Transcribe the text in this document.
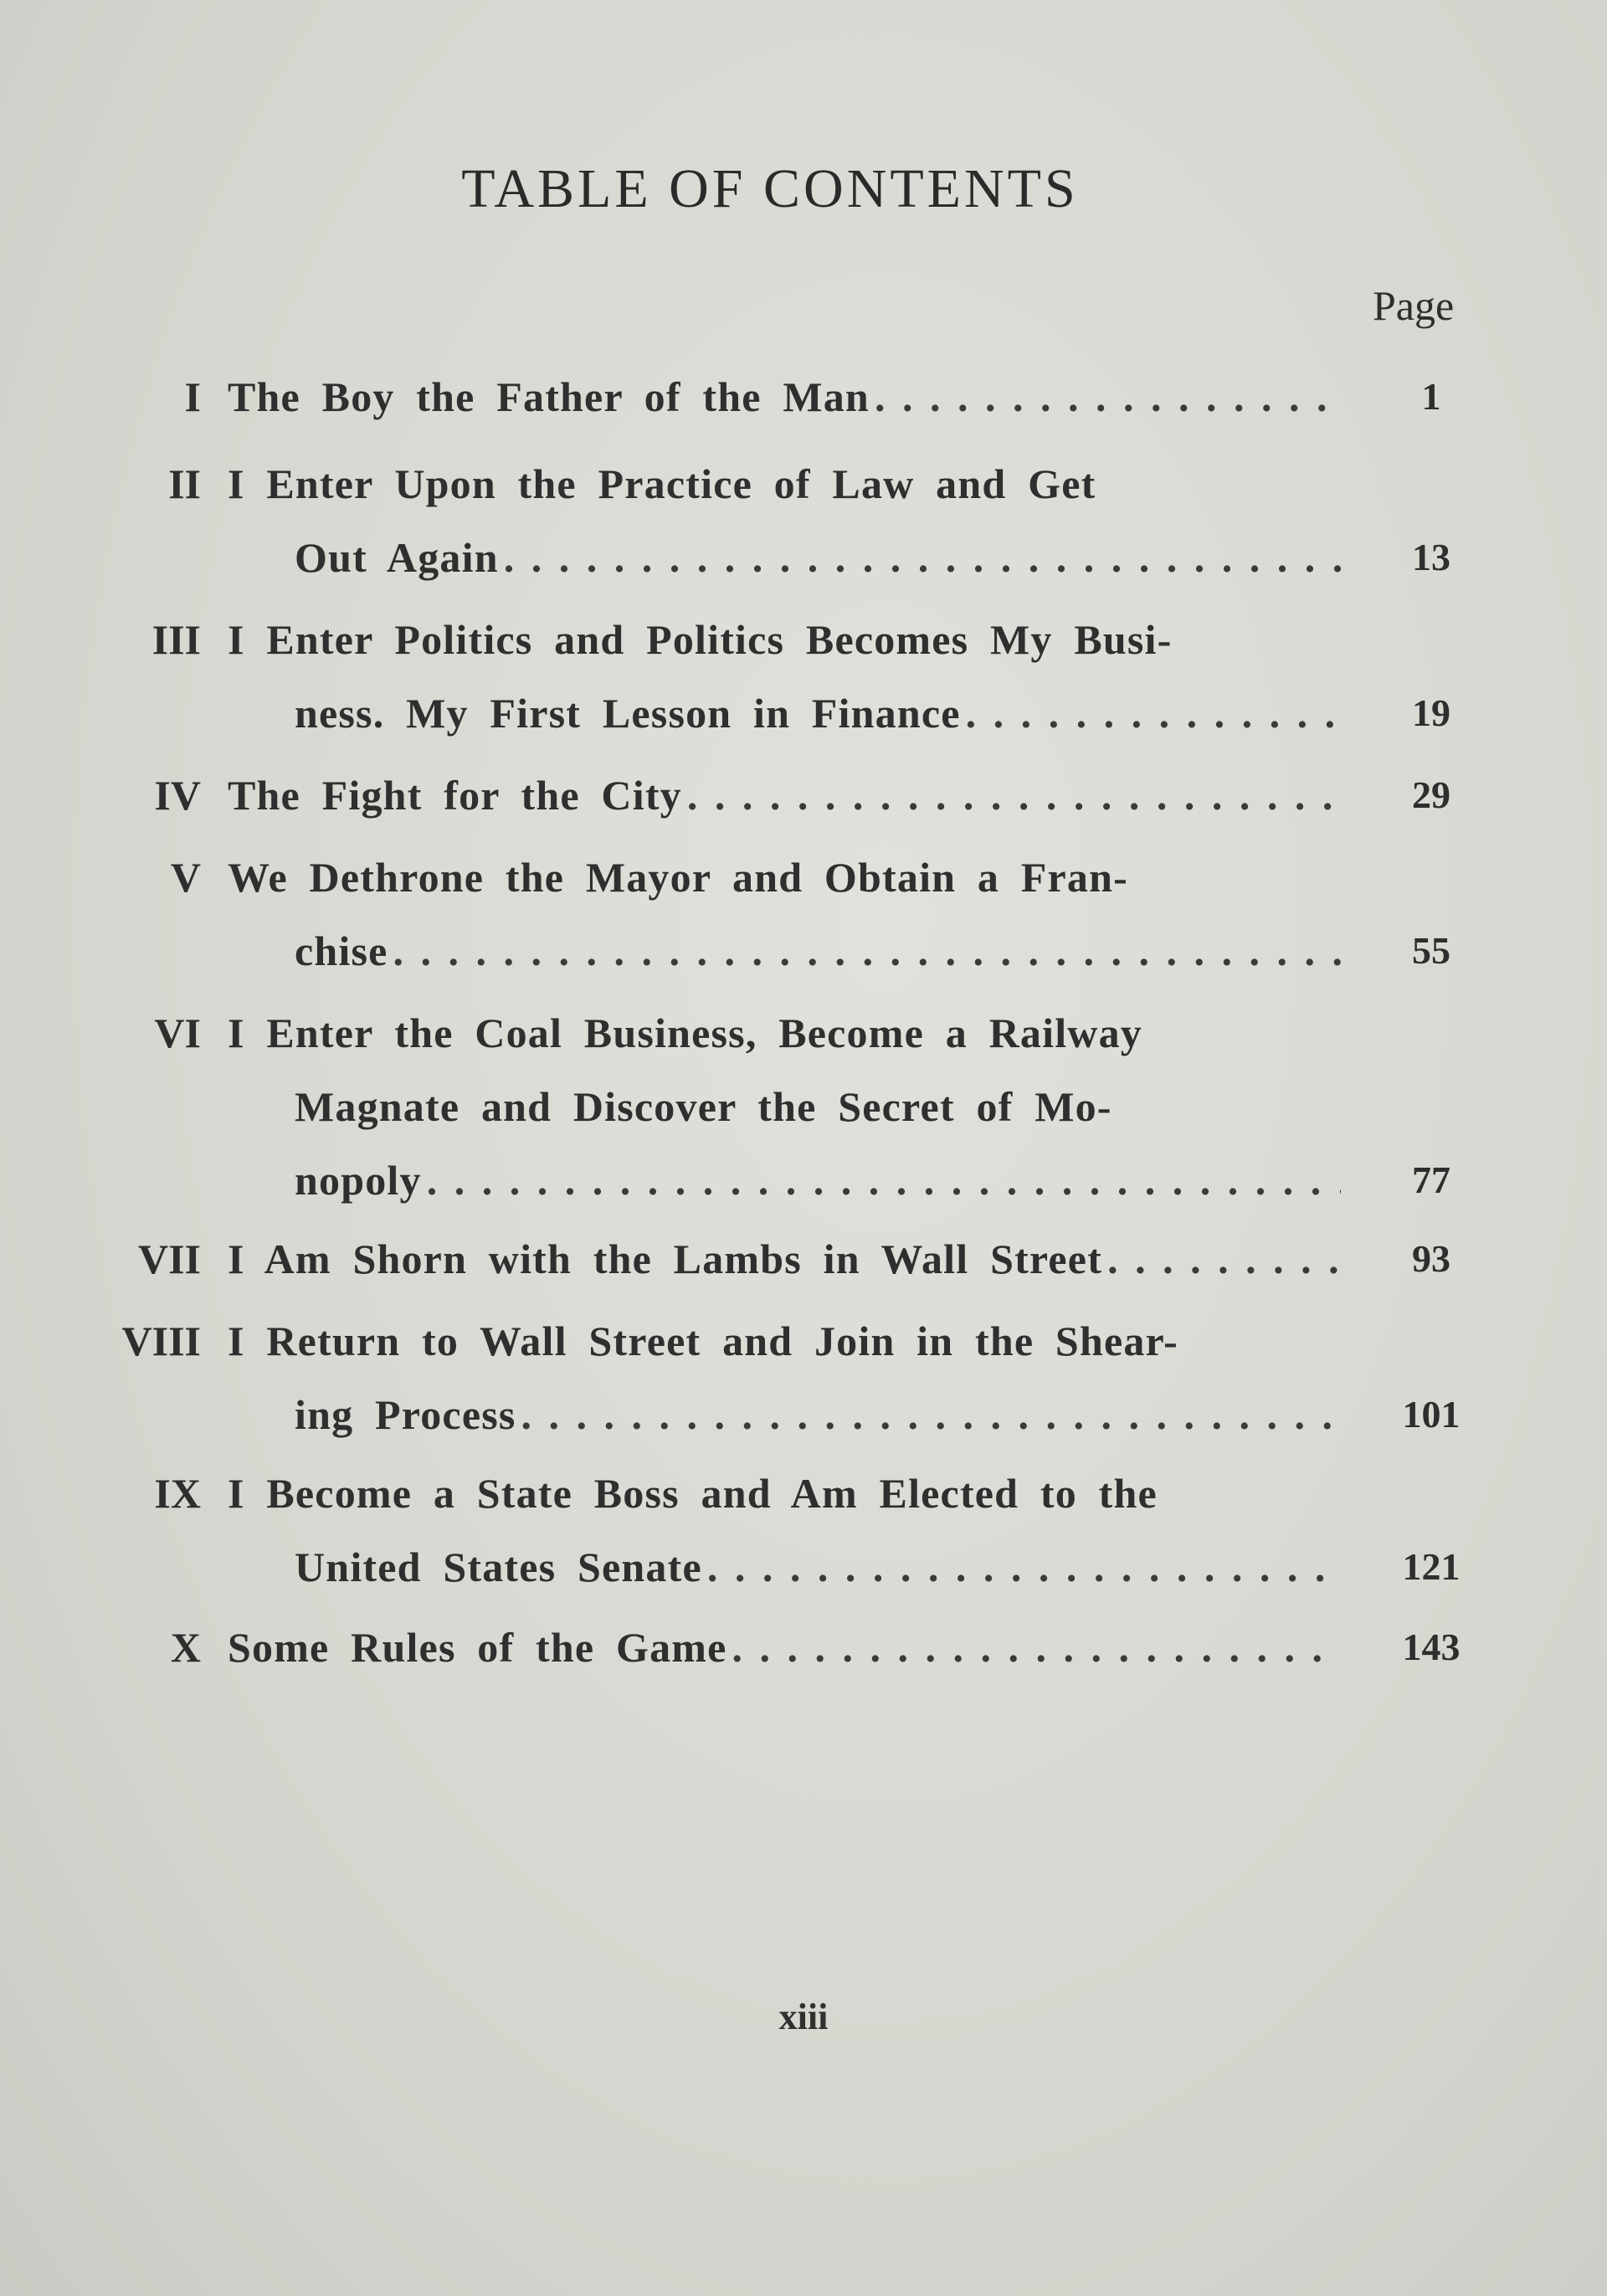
TABLE OF CONTENTS
Page
I The Boy the Father of the Man . . .	1
II I Enter Upon the Practice of Law and Get
Out Again . . .	13
III I Enter Politics and Politics Becomes My Busi-
ness. My First Lesson in Finance . . .	19
IV The Fight for the City . . .	29
V We Dethrone the Mayor and Obtain a Fran-
chise . . .	55
VI I Enter the Coal Business, Become a Railway
Magnate and Discover the Secret of Mo-
nopoly . . .	77
VII I Am Shorn with the Lambs in Wall Street . . .	93
VIII I Return to Wall Street and Join in the Shear-
ing Process . . .	101
IX I Become a State Boss and Am Elected to the
United States Senate . . .	121
X Some Rules of the Game . . .	143
xiii
